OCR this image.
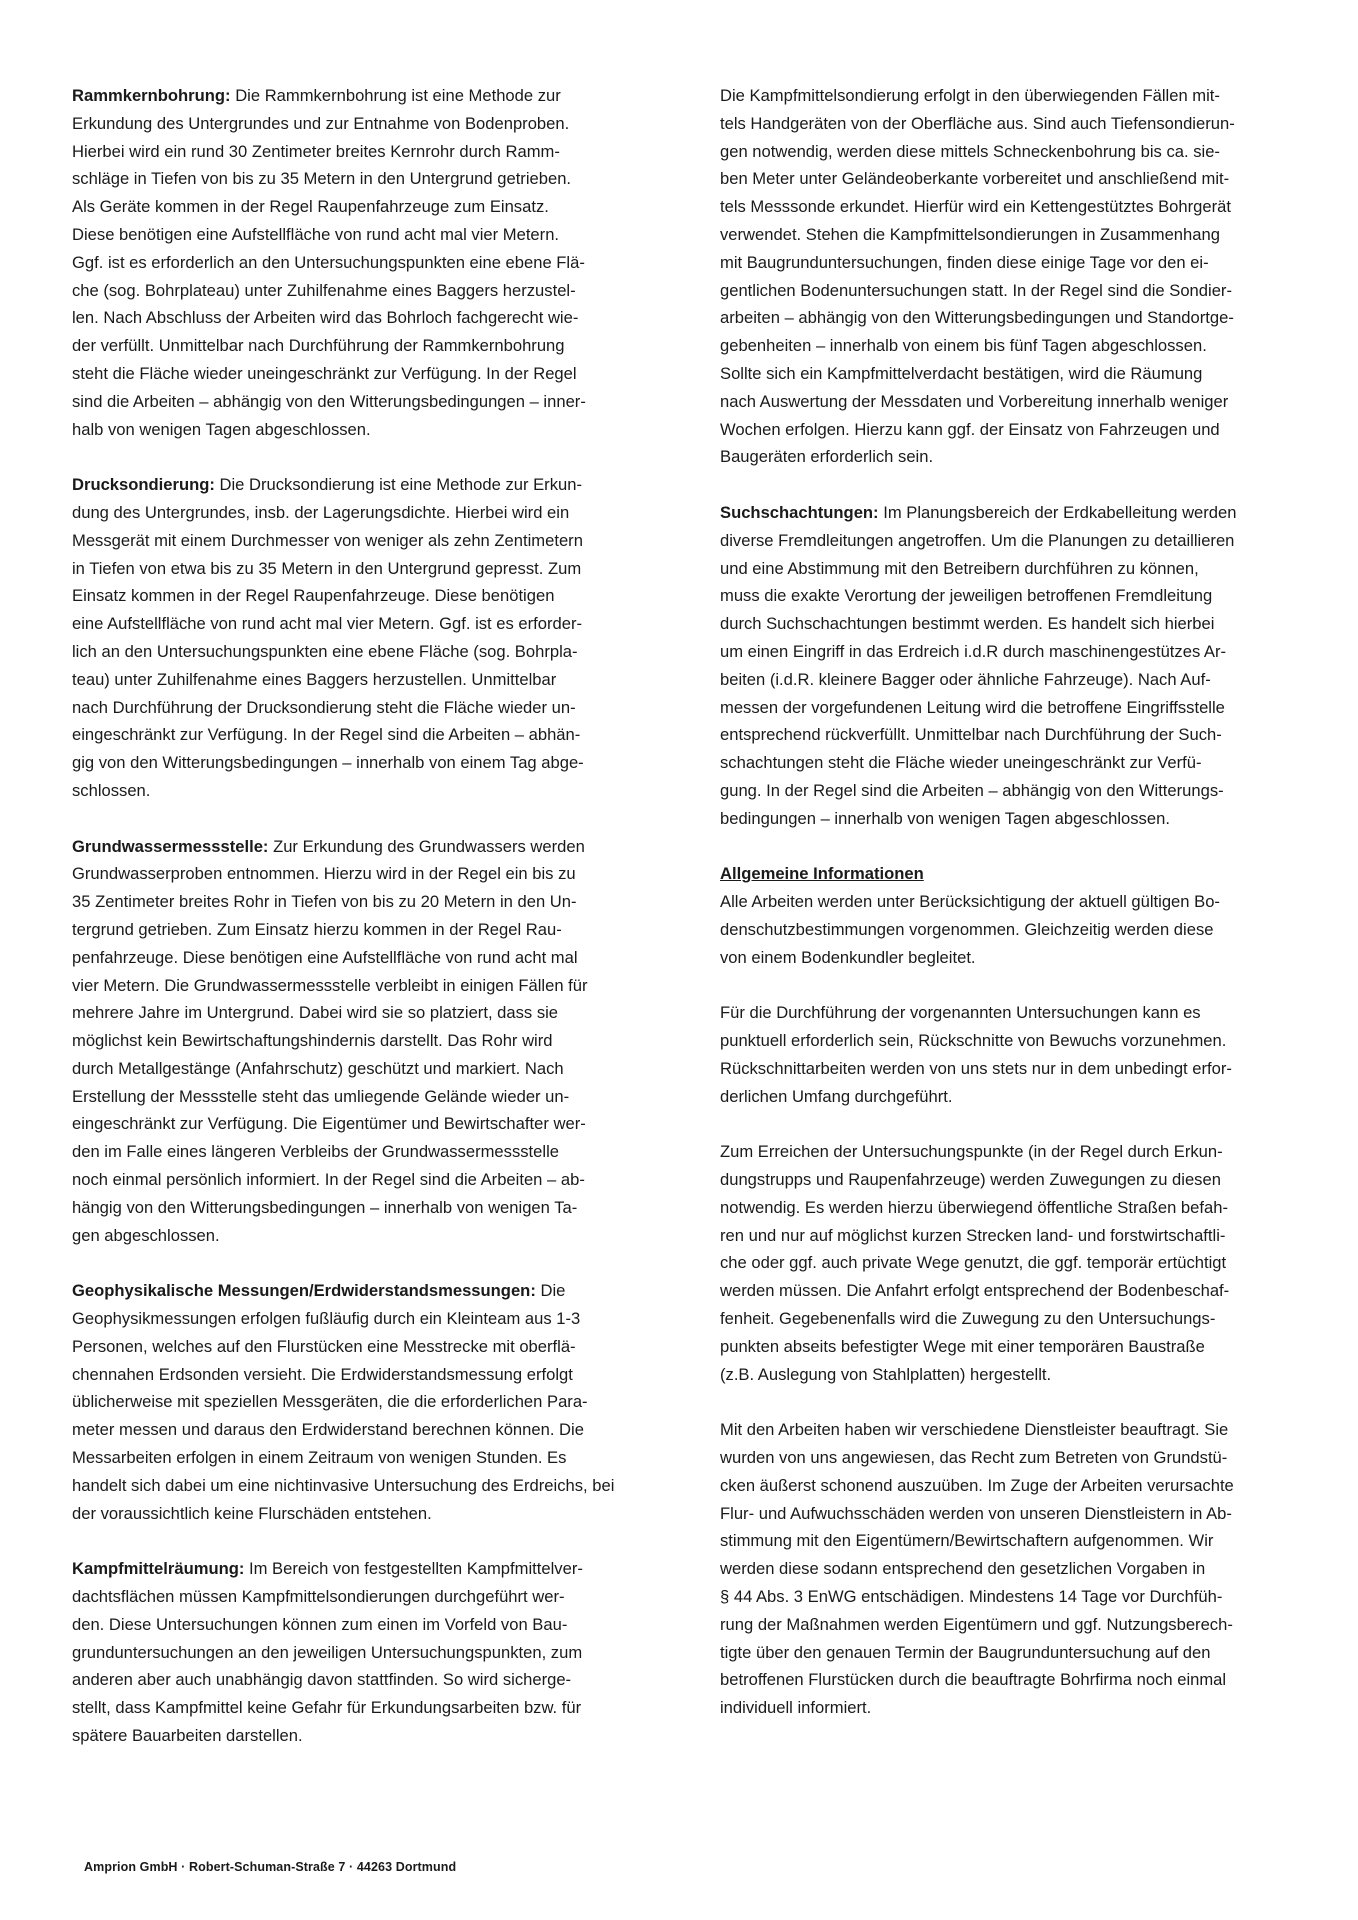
Rammkernbohrung: Die Rammkernbohrung ist eine Methode zur
Erkundung des Untergrundes und zur Entnahme von Bodenproben.
Hierbei wird ein rund 30 Zentimeter breites Kernrohr durch Ramm-
schläge in Tiefen von bis zu 35 Metern in den Untergrund getrieben.
Als Geräte kommen in der Regel Raupenfahrzeuge zum Einsatz.
Diese benötigen eine Aufstellfläche von rund acht mal vier Metern.
Ggf. ist es erforderlich an den Untersuchungspunkten eine ebene Flä-
che (sog. Bohrplateau) unter Zuhilfenahme eines Baggers herzustel-
len. Nach Abschluss der Arbeiten wird das Bohrloch fachgerecht wie-
der verfüllt. Unmittelbar nach Durchführung der Rammkernbohrung
steht die Fläche wieder uneingeschränkt zur Verfügung. In der Regel
sind die Arbeiten – abhängig von den Witterungsbedingungen – inner-
halb von wenigen Tagen abgeschlossen.
Drucksondierung: Die Drucksondierung ist eine Methode zur Erkun-
dung des Untergrundes, insb. der Lagerungsdichte. Hierbei wird ein
Messgerät mit einem Durchmesser von weniger als zehn Zentimetern
in Tiefen von etwa bis zu 35 Metern in den Untergrund gepresst. Zum
Einsatz kommen in der Regel Raupenfahrzeuge. Diese benötigen
eine Aufstellfläche von rund acht mal vier Metern. Ggf. ist es erforder-
lich an den Untersuchungspunkten eine ebene Fläche (sog. Bohrpla-
teau) unter Zuhilfenahme eines Baggers herzustellen. Unmittelbar
nach Durchführung der Drucksondierung steht die Fläche wieder un-
eingeschränkt zur Verfügung. In der Regel sind die Arbeiten – abhän-
gig von den Witterungsbedingungen – innerhalb von einem Tag abge-
schlossen.
Grundwassermessstelle: Zur Erkundung des Grundwassers werden
Grundwasserproben entnommen. Hierzu wird in der Regel ein bis zu
35 Zentimeter breites Rohr in Tiefen von bis zu 20 Metern in den Un-
tergrund getrieben. Zum Einsatz hierzu kommen in der Regel Rau-
penfahrzeuge. Diese benötigen eine Aufstellfläche von rund acht mal
vier Metern. Die Grundwassermessstelle verbleibt in einigen Fällen für
mehrere Jahre im Untergrund. Dabei wird sie so platziert, dass sie
möglichst kein Bewirtschaftungshindernis darstellt. Das Rohr wird
durch Metallgestänge (Anfahrschutz) geschützt und markiert. Nach
Erstellung der Messstelle steht das umliegende Gelände wieder un-
eingeschränkt zur Verfügung. Die Eigentümer und Bewirtschafter wer-
den im Falle eines längeren Verbleibs der Grundwassermessstelle
noch einmal persönlich informiert. In der Regel sind die Arbeiten – ab-
hängig von den Witterungsbedingungen – innerhalb von wenigen Ta-
gen abgeschlossen.
Geophysikalische Messungen/Erdwiderstandsmessungen: Die
Geophysikmessungen erfolgen fußläufig durch ein Kleinteam aus 1-3
Personen, welches auf den Flurstücken eine Messtrecke mit oberflä-
chennahen Erdsonden versieht. Die Erdwiderstandsmessung erfolgt
üblicherweise mit speziellen Messgeräten, die die erforderlichen Para-
meter messen und daraus den Erdwiderstand berechnen können. Die
Messarbeiten erfolgen in einem Zeitraum von wenigen Stunden. Es
handelt sich dabei um eine nichtinvasive Untersuchung des Erdreichs, bei
der voraussichtlich keine Flurschäden entstehen.
Kampfmittelräumung: Im Bereich von festgestellten Kampfmittelver-
dachtsflächen müssen Kampfmittelsondierungen durchgeführt wer-
den. Diese Untersuchungen können zum einen im Vorfeld von Bau-
grunduntersuchungen an den jeweiligen Untersuchungspunkten, zum
anderen aber auch unabhängig davon stattfinden. So wird sicherge-
stellt, dass Kampfmittel keine Gefahr für Erkundungsarbeiten bzw. für
spätere Bauarbeiten darstellen.
Die Kampfmittelsondierung erfolgt in den überwiegenden Fällen mit-
tels Handgeräten von der Oberfläche aus. Sind auch Tiefensondierun-
gen notwendig, werden diese mittels Schneckenbohrung bis ca. sie-
ben Meter unter Geländeoberkante vorbereitet und anschließend mit-
tels Messsonde erkundet. Hierfür wird ein Kettengestütztes Bohrgerät
verwendet. Stehen die Kampfmittelsondierungen in Zusammenhang
mit Baugrunduntersuchungen, finden diese einige Tage vor den ei-
gentlichen Bodenuntersuchungen statt. In der Regel sind die Sondier-
arbeiten – abhängig von den Witterungsbedingungen und Standortge-
gebenheiten – innerhalb von einem bis fünf Tagen abgeschlossen.
Sollte sich ein Kampfmittelverdacht bestätigen, wird die Räumung
nach Auswertung der Messdaten und Vorbereitung innerhalb weniger
Wochen erfolgen. Hierzu kann ggf. der Einsatz von Fahrzeugen und
Baugeräten erforderlich sein.
Suchschachtungen: Im Planungsbereich der Erdkabelleitung werden
diverse Fremdleitungen angetroffen. Um die Planungen zu detaillieren
und eine Abstimmung mit den Betreibern durchführen zu können,
muss die exakte Verortung der jeweiligen betroffenen Fremdleitung
durch Suchschachtungen bestimmt werden. Es handelt sich hierbei
um einen Eingriff in das Erdreich i.d.R durch maschinengestützes Ar-
beiten (i.d.R. kleinere Bagger oder ähnliche Fahrzeuge). Nach Auf-
messen der vorgefundenen Leitung wird die betroffene Eingriffsstelle
entsprechend rückverfüllt. Unmittelbar nach Durchführung der Such-
schachtungen steht die Fläche wieder uneingeschränkt zur Verfü-
gung. In der Regel sind die Arbeiten – abhängig von den Witterungs-
bedingungen – innerhalb von wenigen Tagen abgeschlossen.
Allgemeine Informationen
Alle Arbeiten werden unter Berücksichtigung der aktuell gültigen Bo-
denschutzbestimmungen vorgenommen. Gleichzeitig werden diese
von einem Bodenkundler begleitet.
Für die Durchführung der vorgenannten Untersuchungen kann es
punktuell erforderlich sein, Rückschnitte von Bewuchs vorzunehmen.
Rückschnittarbeiten werden von uns stets nur in dem unbedingt erfor-
derlichen Umfang durchgeführt.
Zum Erreichen der Untersuchungspunkte (in der Regel durch Erkun-
dungstrupps und Raupenfahrzeuge) werden Zuwegungen zu diesen
notwendig. Es werden hierzu überwiegend öffentliche Straßen befah-
ren und nur auf möglichst kurzen Strecken land- und forstwirtschaftli-
che oder ggf. auch private Wege genutzt, die ggf. temporär ertüchtigt
werden müssen. Die Anfahrt erfolgt entsprechend der Bodenbeschaf-
fenheit. Gegebenenfalls wird die Zuwegung zu den Untersuchungs-
punkten abseits befestigter Wege mit einer temporären Baustraße
(z.B. Auslegung von Stahlplatten) hergestellt.
Mit den Arbeiten haben wir verschiedene Dienstleister beauftragt. Sie
wurden von uns angewiesen, das Recht zum Betreten von Grundstü-
cken äußerst schonend auszuüben. Im Zuge der Arbeiten verursachte
Flur- und Aufwuchsschäden werden von unseren Dienstleistern in Ab-
stimmung mit den Eigentümern/Bewirtschaftern aufgenommen. Wir
werden diese sodann entsprechend den gesetzlichen Vorgaben in
§ 44 Abs. 3 EnWG entschädigen. Mindestens 14 Tage vor Durchfüh-
rung der Maßnahmen werden Eigentümern und ggf. Nutzungsberech-
tigte über den genauen Termin der Baugrunduntersuchung auf den
betroffenen Flurstücken durch die beauftragte Bohrfirma noch einmal
individuell informiert.
Amprion GmbH · Robert-Schuman-Straße 7 · 44263 Dortmund
